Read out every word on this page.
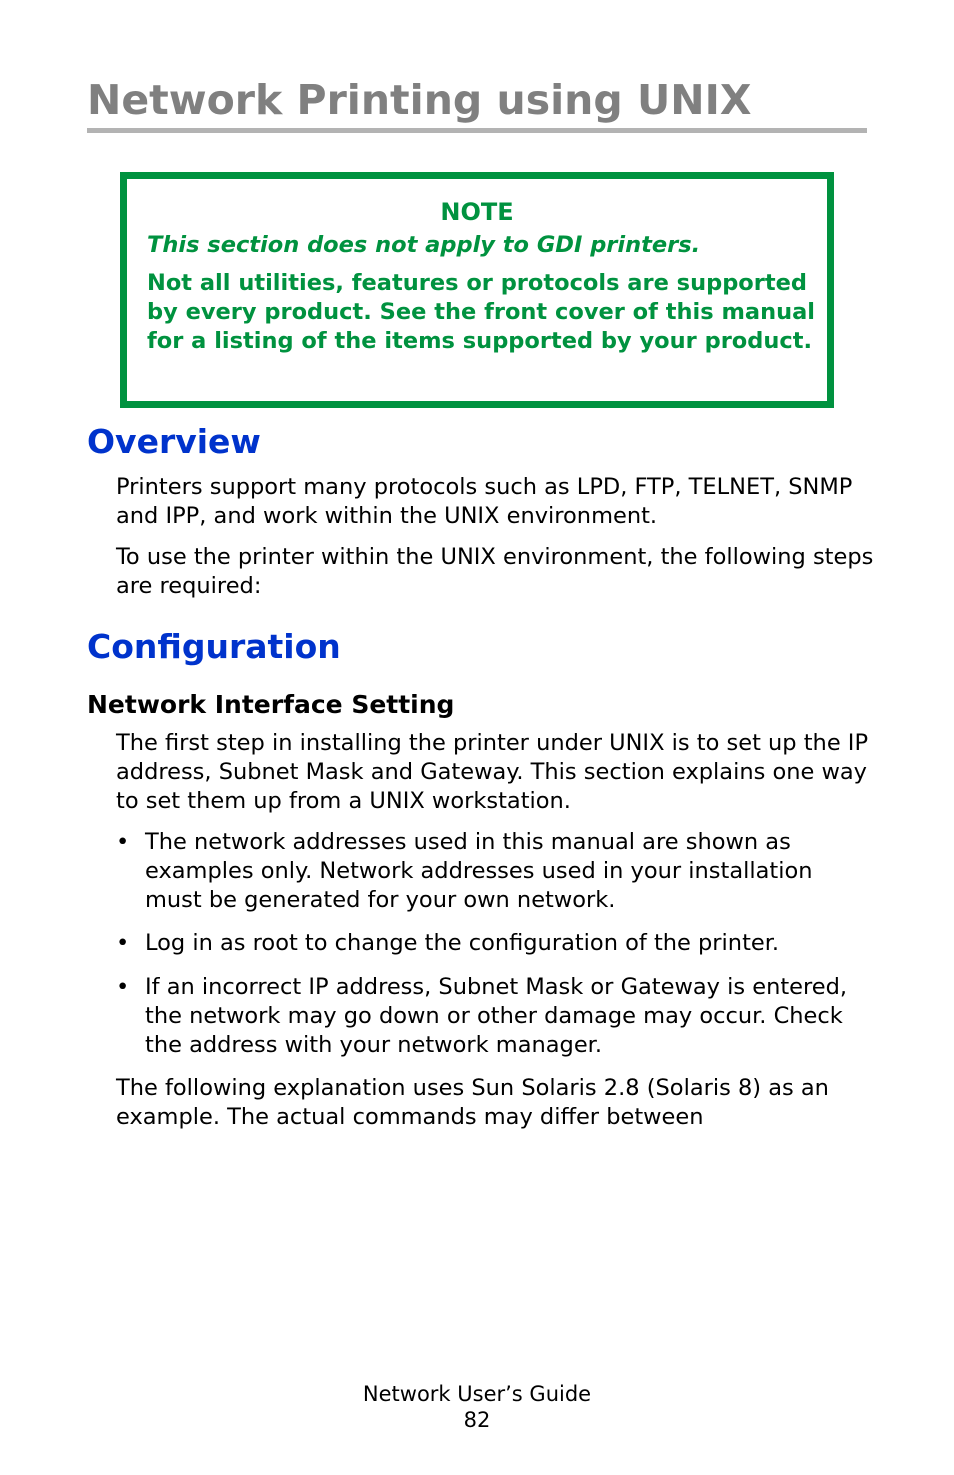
Network Printing using UNIX
NOTE
This section does not apply to GDI printers.
Not all utilities, features or protocols are supported by every product. See the front cover of this manual for a listing of the items supported by your product.
Overview

Printers support many protocols such as LPD, FTP, TELNET, SNMP and IPP, and work within the UNIX environment.

To use the printer within the UNIX environment, the following steps are required:

Configuration
Network Interface Setting

The first step in installing the printer under UNIX is to set up the IP address, Subnet Mask and Gateway. This section explains one way to set them up from a UNIX workstation.

• The network addresses used in this manual are shown as examples only. Network addresses used in your installation must be generated for your own network.
• Log in as root to change the configuration of the printer.
• If an incorrect IP address, Subnet Mask or Gateway is entered, the network may go down or other damage may occur. Check the address with your network manager.

The following explanation uses Sun Solaris 2.8 (Solaris 8) as an example. The actual commands may differ between

Network User’s Guide
82
